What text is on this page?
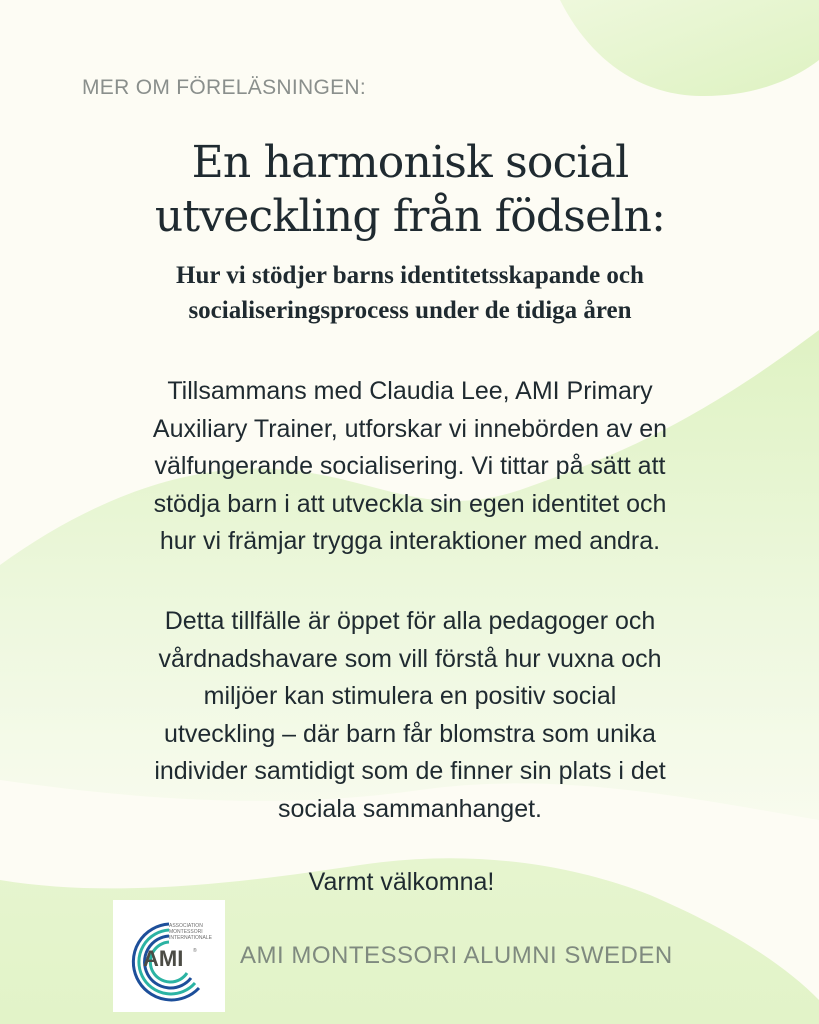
MER OM FÖRELÄSNINGEN:
En harmonisk social
utveckling från födseln:
Hur vi stödjer barns identitetsskapande och
socialiseringsprocess under de tidiga åren
Tillsammans med Claudia Lee, AMI Primary
Auxiliary Trainer, utforskar vi innebörden av en
välfungerande socialisering. Vi tittar på sätt att
stödja barn i att utveckla sin egen identitet och
hur vi främjar trygga interaktioner med andra.
Detta tillfälle är öppet för alla pedagoger och
vårdnadshavare som vill förstå hur vuxna och
miljöer kan stimulera en positiv social
utveckling – där barn får blomstra som unika
individer samtidigt som de finner sin plats i det
sociala sammanhanget.
Varmt välkomna!
ASSOCIATION
MONTESSORI
INTERNATIONALE
AMI ® AMI MONTESSORI ALUMNI SWEDEN
